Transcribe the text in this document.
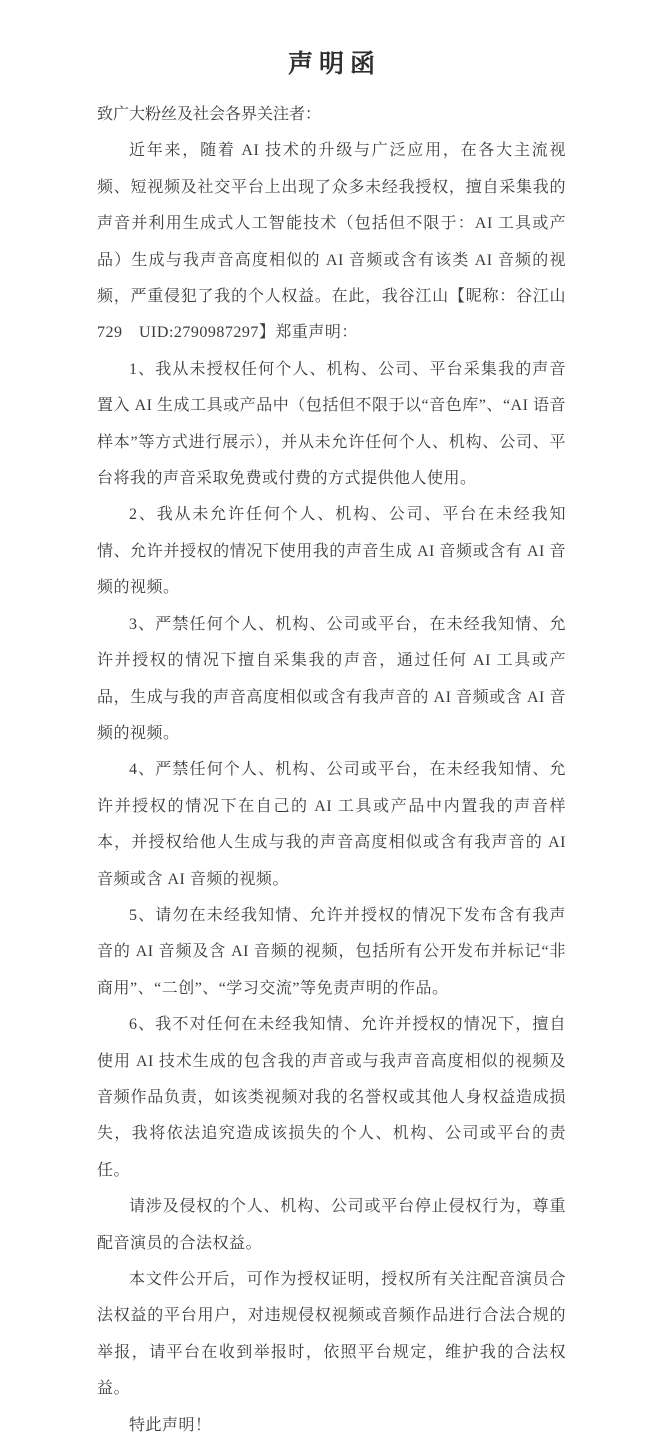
声明函

致广大粉丝及社会各界关注者：

近年来，随着 AI 技术的升级与广泛应用，在各大主流视频、短视频及社交平台上出现了众多未经我授权，擅自采集我的声音并利用生成式人工智能技术（包括但不限于：AI 工具或产品）生成与我声音高度相似的 AI 音频或含有该类 AI 音频的视频，严重侵犯了我的个人权益。在此，我谷江山【昵称：谷江山 729　UID:2790987297】郑重声明：

1、我从未授权任何个人、机构、公司、平台采集我的声音置入 AI 生成工具或产品中（包括但不限于以“音色库”、“AI 语音样本”等方式进行展示），并从未允许任何个人、机构、公司、平台将我的声音采取免费或付费的方式提供他人使用。

2、我从未允许任何个人、机构、公司、平台在未经我知情、允许并授权的情况下使用我的声音生成 AI 音频或含有 AI 音频的视频。

3、严禁任何个人、机构、公司或平台，在未经我知情、允许并授权的情况下擅自采集我的声音，通过任何 AI 工具或产品，生成与我的声音高度相似或含有我声音的 AI 音频或含 AI 音频的视频。

4、严禁任何个人、机构、公司或平台，在未经我知情、允许并授权的情况下在自己的 AI 工具或产品中内置我的声音样本，并授权给他人生成与我的声音高度相似或含有我声音的 AI 音频或含 AI 音频的视频。

5、请勿在未经我知情、允许并授权的情况下发布含有我声音的 AI 音频及含 AI 音频的视频，包括所有公开发布并标记“非商用”、“二创”、“学习交流”等免责声明的作品。

6、我不对任何在未经我知情、允许并授权的情况下，擅自使用 AI 技术生成的包含我的声音或与我声音高度相似的视频及音频作品负责，如该类视频对我的名誉权或其他人身权益造成损失，我将依法追究造成该损失的个人、机构、公司或平台的责任。

请涉及侵权的个人、机构、公司或平台停止侵权行为，尊重配音演员的合法权益。

本文件公开后，可作为授权证明，授权所有关注配音演员合法权益的平台用户，对违规侵权视频或音频作品进行合法合规的举报，请平台在收到举报时，依照平台规定，维护我的合法权益。

特此声明！
